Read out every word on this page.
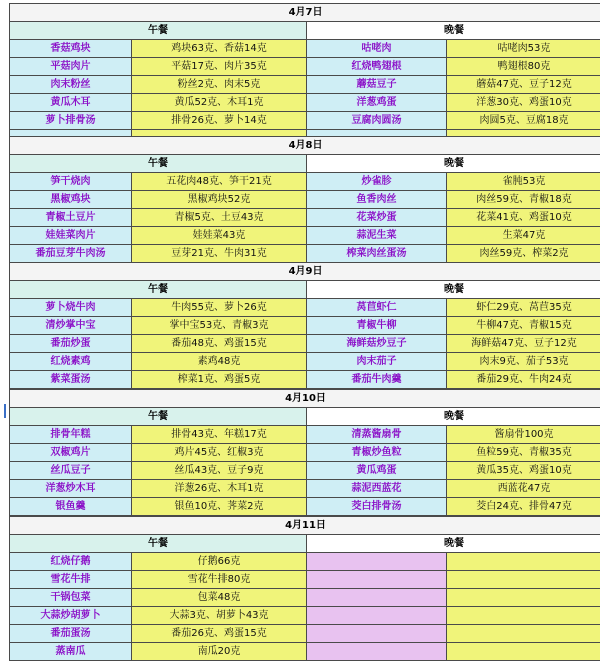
4月7日			
午餐		晚餐	
香菇鸡块	鸡块63克、香菇14克	咕咾肉	咕咾肉53克
平菇肉片	平菇17克、肉片35克	红烧鸭翅根	鸭翅根80克
肉末粉丝	粉丝2克、肉末5克	蘑菇豆子	蘑菇47克、豆子12克
黄瓜木耳	黄瓜52克、木耳1克	洋葱鸡蛋	洋葱30克、鸡蛋10克
萝卜排骨汤	排骨26克、萝卜14克	豆腐肉圆汤	肉圆5克、豆腐18克

4月8日			
午餐		晚餐	
笋干烧肉	五花肉48克、笋干21克	炒雀胗	雀肫53克
黑椒鸡块	黑椒鸡块52克	鱼香肉丝	肉丝59克、青椒18克
青椒土豆片	青椒5克、土豆43克	花菜炒蛋	花菜41克、鸡蛋10克
娃娃菜肉片	娃娃菜43克	蒜泥生菜	生菜47克
番茄豆芽牛肉汤	豆芽21克、牛肉31克	榨菜肉丝蛋汤	肉丝59克、榨菜2克

4月9日			
午餐		晚餐	
萝卜烧牛肉	牛肉55克、萝卜26克	莴苣虾仁	虾仁29克、莴苣35克
清炒掌中宝	掌中宝53克、青椒3克	青椒牛柳	牛柳47克、青椒15克
番茄炒蛋	番茄48克、鸡蛋15克	海鲜菇炒豆子	海鲜菇47克、豆子12克
红烧素鸡	素鸡48克	肉末茄子	肉末9克、茄子53克
紫菜蛋汤	榨菜1克、鸡蛋5克	番茄牛肉羹	番茄29克、牛肉24克

4月10日			
午餐		晚餐	
排骨年糕	排骨43克、年糕17克	清蒸酱扇骨	酱扇骨100克
双椒鸡片	鸡片45克、红椒3克	青椒炒鱼粒	鱼粒59克、青椒35克
丝瓜豆子	丝瓜43克、豆子9克	黄瓜鸡蛋	黄瓜35克、鸡蛋10克
洋葱炒木耳	洋葱26克、木耳1克	蒜泥西蓝花	西蓝花47克
银鱼羹	银鱼10克、荠菜2克	茭白排骨汤	茭白24克、排骨47克

4月11日			
午餐		晚餐	
红烧仔鹅	仔鹅66克		
雪花牛排	雪花牛排80克		
干锅包菜	包菜48克		
大蒜炒胡萝卜	大蒜3克、胡萝卜43克		
番茄蛋汤	番茄26克、鸡蛋15克		
蒸南瓜	南瓜20克		
